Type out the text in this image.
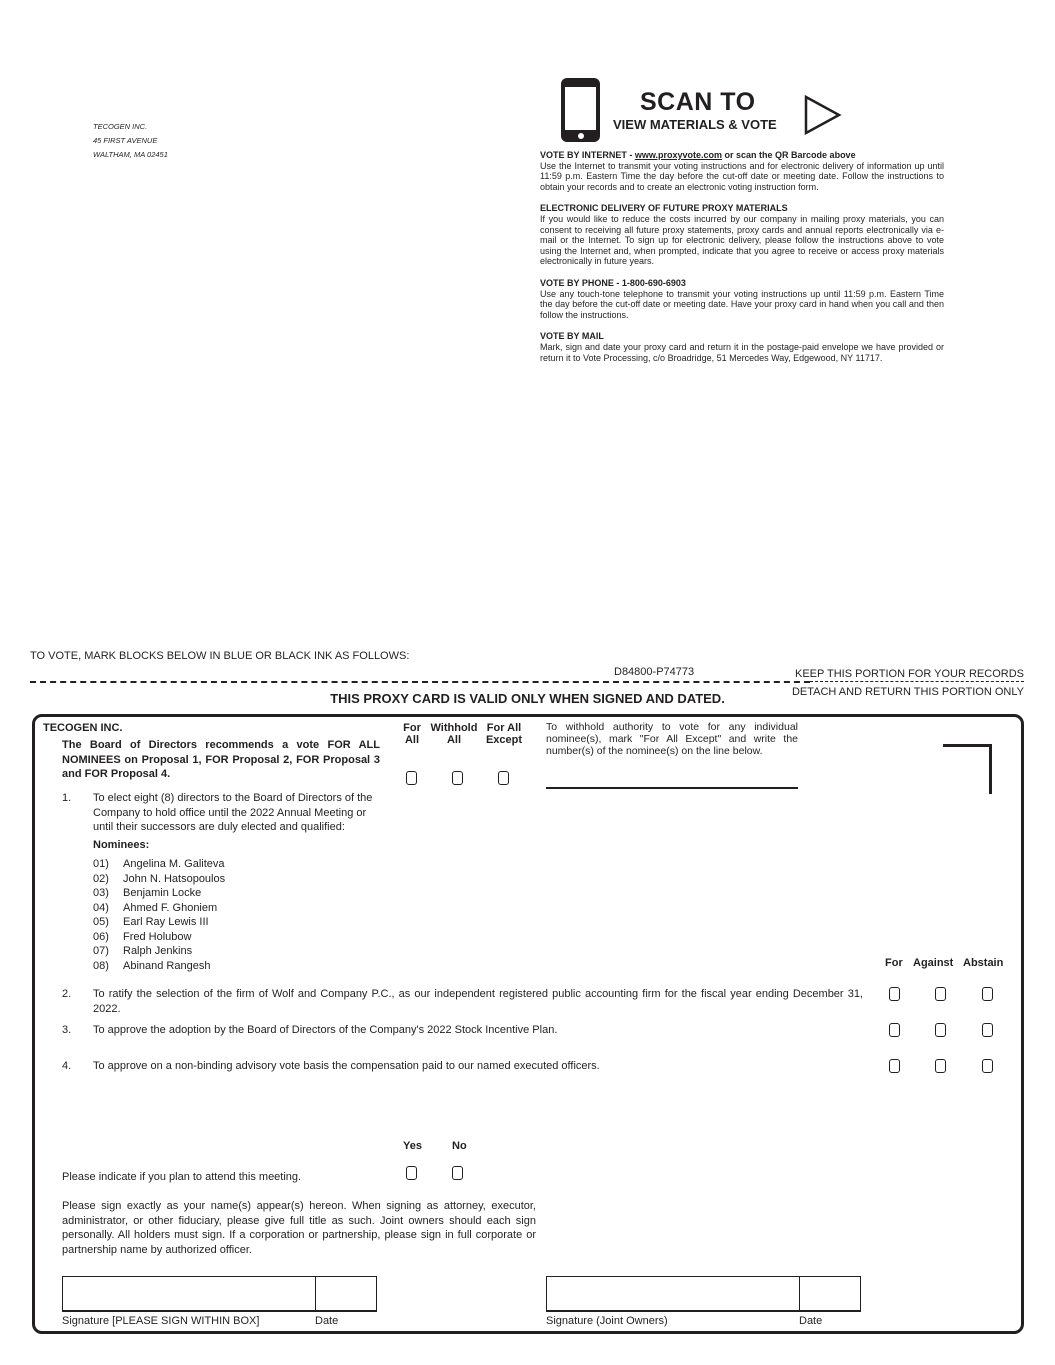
TECOGEN INC.
45 FIRST AVENUE
WALTHAM, MA 02451
SCAN TO
VIEW MATERIALS & VOTE
VOTE BY INTERNET - www.proxyvote.com or scan the QR Barcode above

Use the Internet to transmit your voting instructions and for electronic delivery of information up until 11:59 p.m. Eastern Time the day before the cut-off date or meeting date. Follow the instructions to obtain your records and to create an electronic voting instruction form.

ELECTRONIC DELIVERY OF FUTURE PROXY MATERIALS

If you would like to reduce the costs incurred by our company in mailing proxy materials, you can consent to receiving all future proxy statements, proxy cards and annual reports electronically via e-mail or the Internet. To sign up for electronic delivery, please follow the instructions above to vote using the Internet and, when prompted, indicate that you agree to receive or access proxy materials electronically in future years.

VOTE BY PHONE - 1-800-690-6903

Use any touch-tone telephone to transmit your voting instructions up until 11:59 p.m. Eastern Time the day before the cut-off date or meeting date. Have your proxy card in hand when you call and then follow the instructions.

VOTE BY MAIL

Mark, sign and date your proxy card and return it in the postage-paid envelope we have provided or return it to Vote Processing, c/o Broadridge, 51 Mercedes Way, Edgewood, NY 11717.

TO VOTE, MARK BLOCKS BELOW IN BLUE OR BLACK INK AS FOLLOWS:
D84800-P74773	KEEP THIS PORTION FOR YOUR RECORDS
DETACH AND RETURN THIS PORTION ONLY
THIS PROXY CARD IS VALID ONLY WHEN SIGNED AND DATED.
TECOGEN INC.
The Board of Directors recommends a vote FOR ALL NOMINEES on Proposal 1, FOR Proposal 2, FOR Proposal 3 and FOR Proposal 4.
For All
Withhold All
For All Except
To withhold authority to vote for any individual nominee(s), mark "For All Except" and write the number(s) of the nominee(s) on the line below.
1. To elect eight (8) directors to the Board of Directors of the Company to hold office until the 2022 Annual Meeting or until their successors are duly elected and qualified:
Nominees:
01) Angelina M. Galiteva
02) John N. Hatsopoulos
03) Benjamin Locke
04) Ahmed F. Ghoniem
05) Earl Ray Lewis III
06) Fred Holubow
07) Ralph Jenkins
08) Abinand Rangesh	For Against Abstain
2. To ratify the selection of the firm of Wolf and Company P.C., as our independent registered public accounting firm for the fiscal year ending December 31, 2022.
3. To approve the adoption by the Board of Directors of the Company's 2022 Stock Incentive Plan.
4. To approve on a non-binding advisory vote basis the compensation paid to our named executed officers.
Yes	No
Please indicate if you plan to attend this meeting.
Please sign exactly as your name(s) appear(s) hereon. When signing as attorney, executor, administrator, or other fiduciary, please give full title as such. Joint owners should each sign personally. All holders must sign. If a corporation or partnership, please sign in full corporate or partnership name by authorized officer.
Signature [PLEASE SIGN WITHIN BOX]	Date	Signature (Joint Owners)	Date
